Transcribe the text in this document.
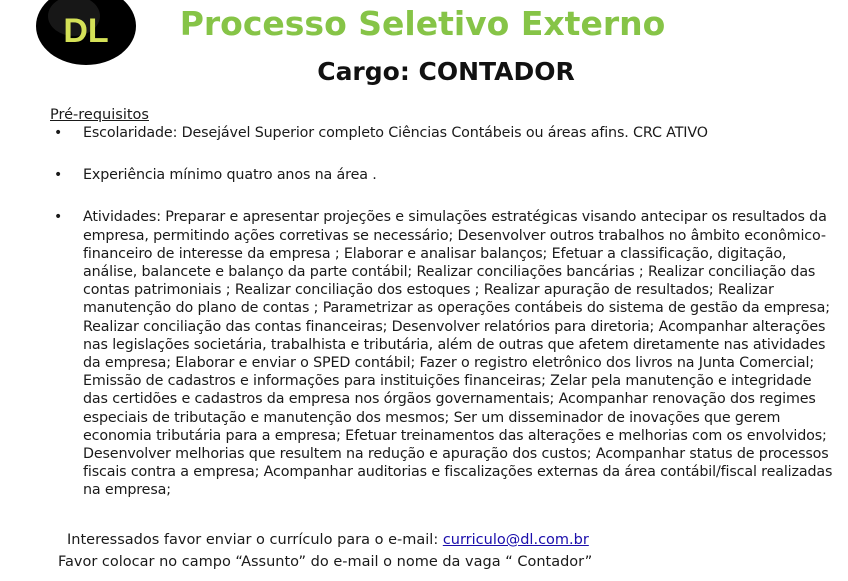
DL	Processo Seletivo Externo
Cargo: CONTADOR
Pré-requisitos
• Escolaridade: Desejável Superior completo Ciências Contábeis ou áreas afins. CRC ATIVO
• Experiência mínimo quatro anos na área .
• Atividades: Preparar e apresentar projeções e simulações estratégicas visando antecipar os resultados da empresa, permitindo ações corretivas se necessário; Desenvolver outros trabalhos no âmbito econômico-financeiro de interesse da empresa ; Elaborar e analisar balanços; Efetuar a classificação, digitação, análise, balancete e balanço da parte contábil; Realizar conciliações bancárias ; Realizar conciliação das contas patrimoniais ; Realizar conciliação dos estoques ; Realizar apuração de resultados; Realizar manutenção do plano de contas ; Parametrizar as operações contábeis do sistema de gestão da empresa; Realizar conciliação das contas financeiras; Desenvolver relatórios para diretoria; Acompanhar alterações nas legislações societária, trabalhista e tributária, além de outras que afetem diretamente nas atividades da empresa; Elaborar e enviar o SPED contábil; Fazer o registro eletrônico dos livros na Junta Comercial; Emissão de cadastros e informações para instituições financeiras; Zelar pela manutenção e integridade das certidões e cadastros da empresa nos órgãos governamentais; Acompanhar renovação dos regimes especiais de tributação e manutenção dos mesmos; Ser um disseminador de inovações que gerem economia tributária para a empresa; Efetuar treinamentos das alterações e melhorias com os envolvidos; Desenvolver melhorias que resultem na redução e apuração dos custos; Acompanhar status de processos fiscais contra a empresa; Acompanhar auditorias e fiscalizações externas da área contábil/fiscal realizadas na empresa;
Interessados favor enviar o currículo para o e-mail: curriculo@dl.com.br
Favor colocar no campo “Assunto” do e-mail o nome da vaga “ Contador”
